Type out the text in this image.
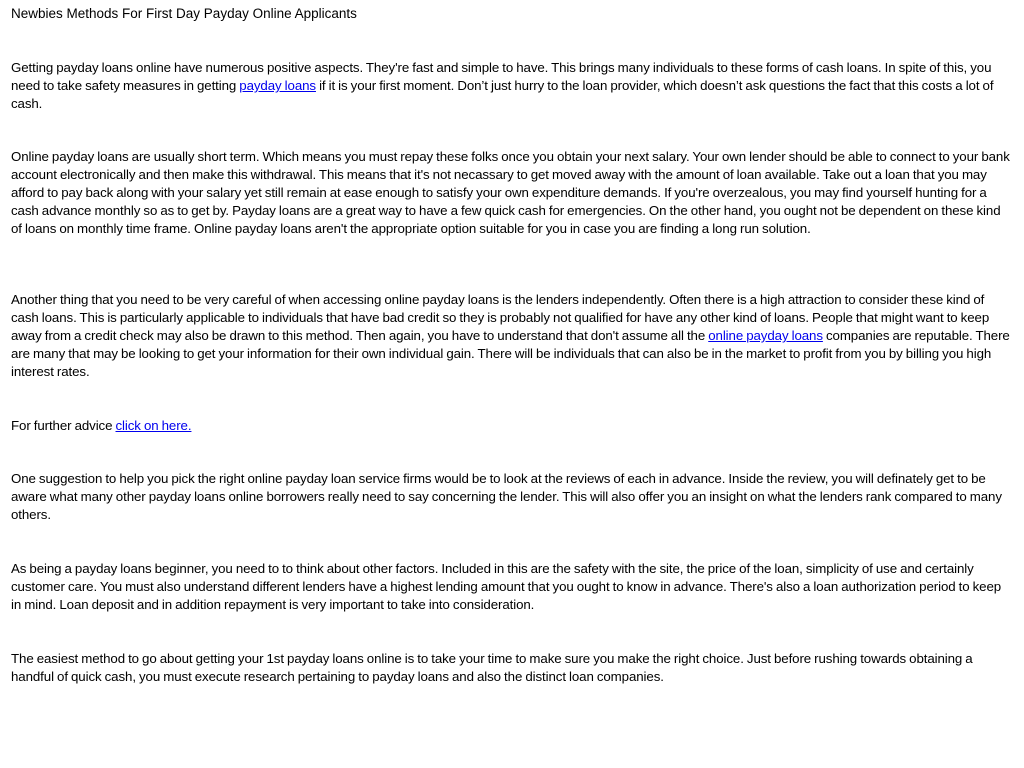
Newbies Methods For First Day Payday Online Applicants

Getting payday loans online have numerous positive aspects. They're fast and simple to have. This brings many individuals to these forms of cash loans. In spite of this, you need to take safety measures in getting payday loans if it is your first moment. Don’t just hurry to the loan provider, which doesn’t ask questions the fact that this costs a lot of cash.

Online payday loans are usually short term. Which means you must repay these folks once you obtain your next salary. Your own lender should be able to connect to your bank account electronically and then make this withdrawal. This means that it's not necassary to get moved away with the amount of loan available. Take out a loan that you may afford to pay back along with your salary yet still remain at ease enough to satisfy your own expenditure demands. If you're overzealous, you may find yourself hunting for a cash advance monthly so as to get by. Payday loans are a great way to have a few quick cash for emergencies. On the other hand, you ought not be dependent on these kind of loans on monthly time frame. Online payday loans aren't the appropriate option suitable for you in case you are finding a long run solution.

Another thing that you need to be very careful of when accessing online payday loans is the lenders independently. Often there is a high attraction to consider these kind of cash loans. This is particularly applicable to individuals that have bad credit so they is probably not qualified for have any other kind of loans. People that might want to keep away from a credit check may also be drawn to this method. Then again, you have to understand that don't assume all the online payday loans companies are reputable. There are many that may be looking to get your information for their own individual gain. There will be individuals that can also be in the market to profit from you by billing you high interest rates.

For further advice click on here.

One suggestion to help you pick the right online payday loan service firms would be to look at the reviews of each in advance. Inside the review, you will definately get to be aware what many other payday loans online borrowers really need to say concerning the lender. This will also offer you an insight on what the lenders rank compared to many others.

As being a payday loans beginner, you need to to think about other factors. Included in this are the safety with the site, the price of the loan, simplicity of use and certainly customer care. You must also understand different lenders have a highest lending amount that you ought to know in advance. There's also a loan authorization period to keep in mind. Loan deposit and in addition repayment is very important to take into consideration.

The easiest method to go about getting your 1st payday loans online is to take your time to make sure you make the right choice. Just before rushing towards obtaining a handful of quick cash, you must execute research pertaining to payday loans and also the distinct loan companies.
